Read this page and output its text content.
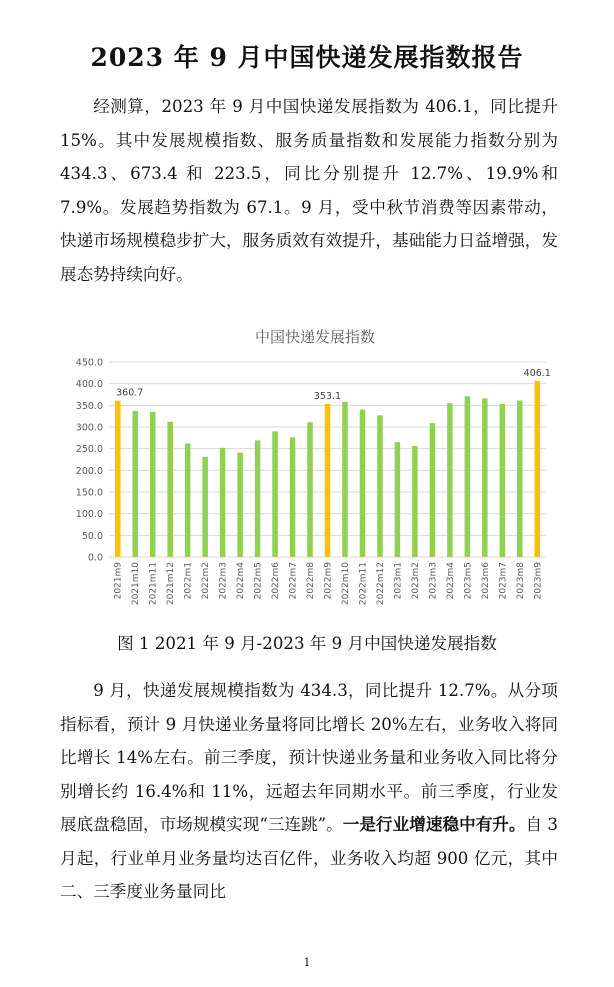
2023 年 9 月中国快递发展指数报告

经测算，2023 年 9 月中国快递发展指数为 406.1，同比提升 15%。其中发展规模指数、服务质量指数和发展能力指数分别为 434.3、673.4 和 223.5，同比分别提升 12.7%、19.9%和 7.9%。发展趋势指数为 67.1。9 月，受中秋节消费等因素带动，快递市场规模稳步扩大，服务质效有效提升，基础能力日益增强，发展态势持续向好。

中国快递发展指数
0.0
50.0
100.0
150.0
200.0
250.0
300.0
350.0
400.0
450.0
360.7	353.1
406.1
2021m9 2021m10 2021m11 2021m12 2022m1 2022m2 2022m3 2022m4 2022m5 2022m6 2022m7 2022m8 2022m9 2022m10 2022m11 2022m12 2023m1 2023m2 2023m3 2023m4 2023m5 2023m6 2023m7 2023m8 2023m9
图 1 2021 年 9 月-2023 年 9 月中国快递发展指数

9 月，快递发展规模指数为 434.3，同比提升 12.7%。从分项指标看，预计 9 月快递业务量将同比增长 20%左右，业务收入将同比增长 14%左右。前三季度，预计快递业务量和业务收入同比将分别增长约 16.4%和 11%，远超去年同期水平。前三季度，行业发展底盘稳固，市场规模实现“三连跳”。一是行业增速稳中有升。自 3 月起，行业单月业务量均达百亿件，业务收入均超 900 亿元，其中二、三季度业务量同比

1
